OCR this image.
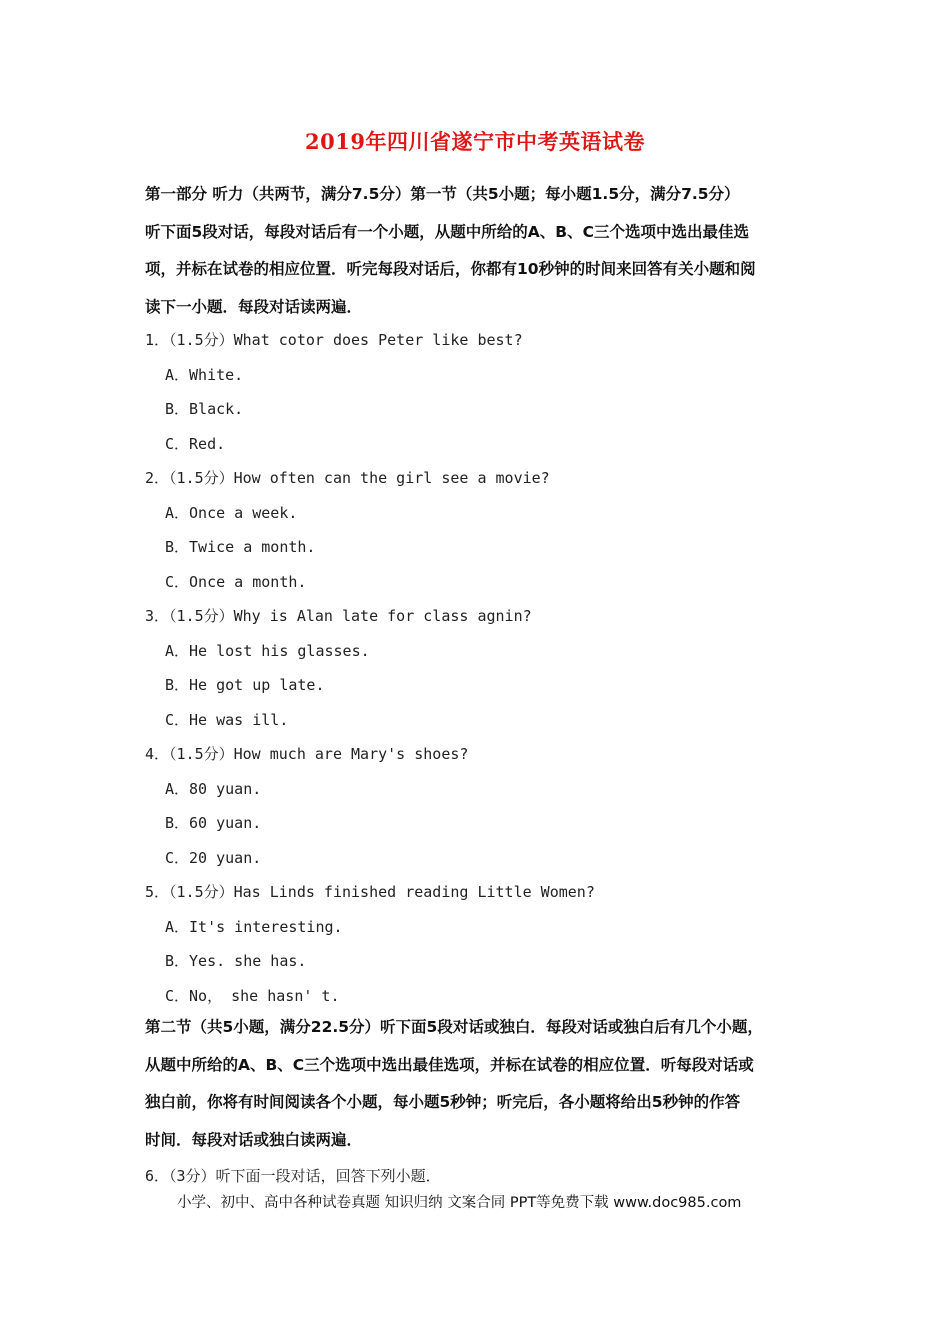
2019年四川省遂宁市中考英语试卷
第一部分 听力（共两节，满分7.5分）第一节（共5小题；每小题1.5分，满分7.5分）
听下面5段对话，每段对话后有一个小题，从题中所给的A、B、C三个选项中选出最佳选
项，并标在试卷的相应位置．听完每段对话后，你都有10秒钟的时间来回答有关小题和阅
读下一小题．每段对话读两遍．
1．（1.5分）What cotor does Peter like best?
A．White.
B．Black.
C．Red.
2．（1.5分）How often can the girl see a movie?
A．Once a week.
B．Twice a month.
C．Once a month.
3．（1.5分）Why is Alan late for class agnin?
A．He lost his glasses.
B．He got up late.
C．He was ill.
4．（1.5分）How much are Mary's shoes?
A．80 yuan.
B．60 yuan.
C．20 yuan.
5．（1.5分）Has Linds finished reading Little Women?
A．It's interesting.
B．Yes. she has.
C．No， she hasn' t.
第二节（共5小题，满分22.5分）听下面5段对话或独白．每段对话或独白后有几个小题，
从题中所给的A、B、C三个选项中选出最佳选项，并标在试卷的相应位置．听每段对话或
独白前，你将有时间阅读各个小题，每小题5秒钟；听完后，各小题将给出5秒钟的作答
时间．每段对话或独白读两遍．
6．（3分）听下面一段对话，回答下列小题．
小学、初中、高中各种试卷真题 知识归纳 文案合同 PPT等免费下载 www.doc985.com
